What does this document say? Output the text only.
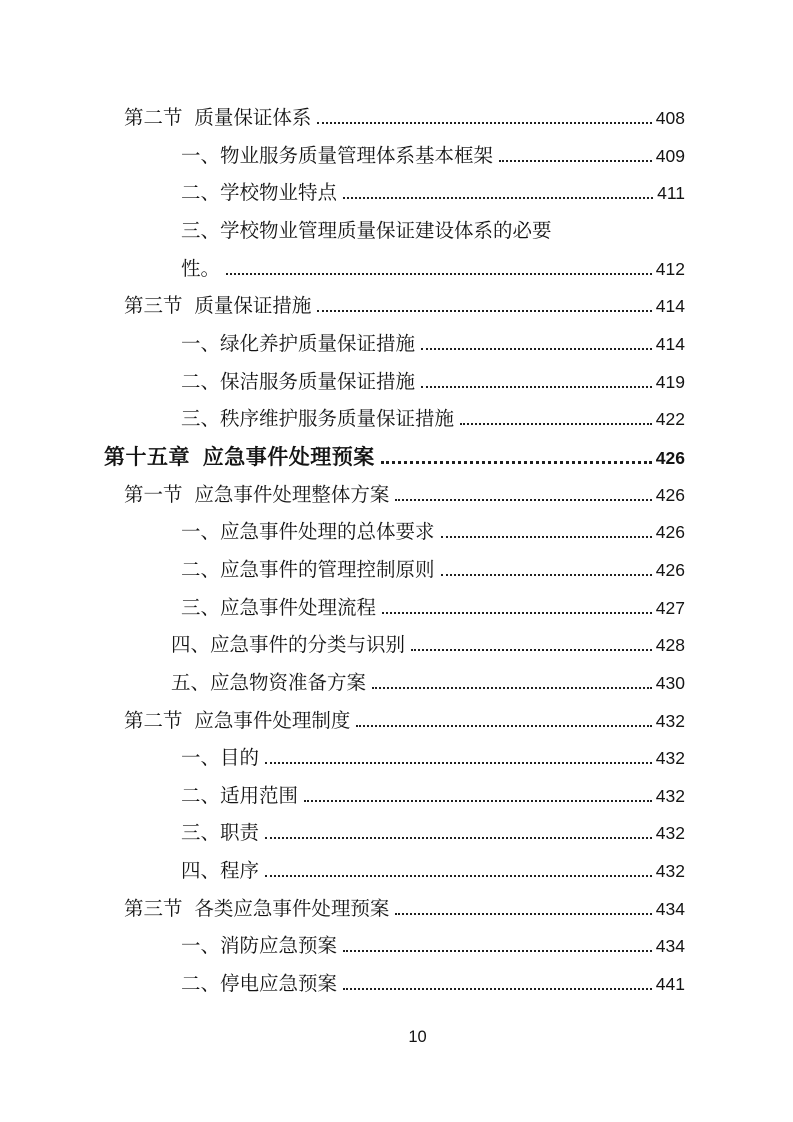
第二节 质量保证体系	408
一、物业服务质量管理体系基本框架	409
二、学校物业特点	411
三、学校物业管理质量保证建设体系的必要
性。	412
第三节 质量保证措施	414
一、绿化养护质量保证措施	414
二、保洁服务质量保证措施	419
三、秩序维护服务质量保证措施	422
第十五章 应急事件处理预案	426
第一节 应急事件处理整体方案	426
一、应急事件处理的总体要求	426
二、应急事件的管理控制原则	426
三、应急事件处理流程	427
四、应急事件的分类与识别	428
五、应急物资准备方案	430
第二节 应急事件处理制度	432
一、目的	432
二、适用范围	432
三、职责	432
四、程序	432
第三节 各类应急事件处理预案	434
一、消防应急预案	434
二、停电应急预案	441
10
